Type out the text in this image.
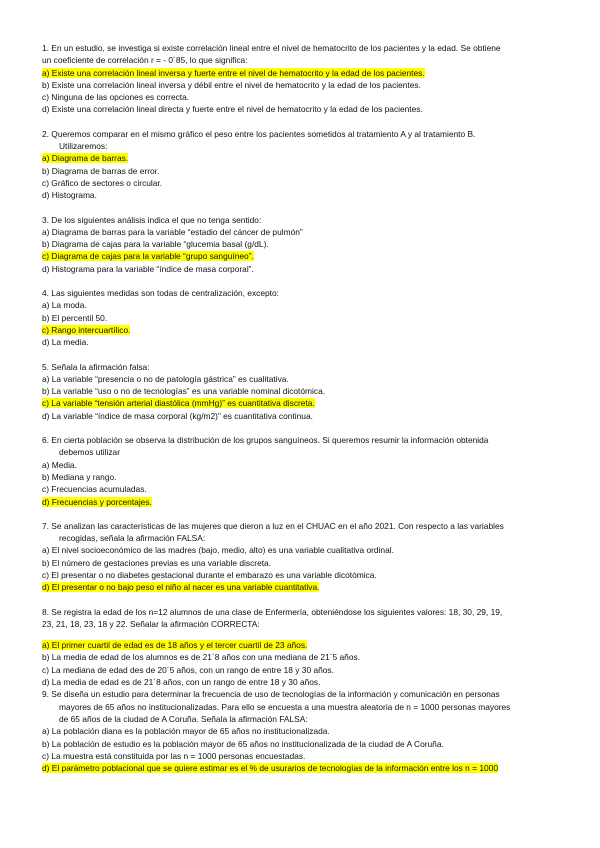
1. En un estudio, se investiga si existe correlación lineal entre el nivel de hematocrito de los pacientes y la edad. Se obtiene
un coeficiente de correlación r = - 0´85, lo que significa:
a) Existe una correlación lineal inversa y fuerte entre el nivel de hematocrito y la edad de los pacientes.
b) Existe una correlación lineal inversa y débil entre el nivel de hematocrito y la edad de los pacientes.
c) Ninguna de las opciones es correcta.
d) Existe una correlación lineal directa y fuerte entre el nivel de hematocrito y la edad de los pacientes.
2. Queremos comparar en el mismo gráfico el peso entre los pacientes sometidos al tratamiento A y al tratamiento B.
Utilizaremos:
a) Diagrama de barras.
b) Diagrama de barras de error.
c) Gráfico de sectores o circular.
d) Histograma.
3. De los siguientes análisis indica el que no tenga sentido:
a) Diagrama de barras para la variable “estadio del cáncer de pulmón”
b) Diagrama de cajas para la variable “glucemia basal (g/dL).
c) Diagrama de cajas para la variable “grupo sanguíneo”.
d) Histograma para la variable “índice de masa corporal”.
4. Las siguientes medidas son todas de centralización, excepto:
a) La moda.
b) El percentil 50.
c) Rango intercuartílico.
d) La media.
5. Señala la afirmación falsa:
a) La variable “presencia o no de patología gástrica” es cualitativa.
b) La variable “uso o no de tecnologías” es una variable nominal dicotómica.
c) La variable “tensión arterial diastólica (mmHg)” es cuantitativa discreta.
d) La variable “índice de masa corporal (kg/m2)” es cuantitativa continua.
6. En cierta población se observa la distribución de los grupos sanguíneos. Si queremos resumir la información obtenida
debemos utilizar
a) Media.
b) Mediana y rango.
c) Frecuencias acumuladas.
d) Frecuencias y porcentajes.
7. Se analizan las características de las mujeres que dieron a luz en el CHUAC en el año 2021. Con respecto a las variables
recogidas, señala la afirmación FALSA:
a) El nivel socioeconómico de las madres (bajo, medio, alto) es una variable cualitativa ordinal.
b) El número de gestaciones previas es una variable discreta.
c) El presentar o no diabetes gestacional durante el embarazo es una variable dicotómica.
d) El presentar o no bajo peso el niño al nacer es una variable cuantitativa.
8. Se registra la edad de los n=12 alumnos de una clase de Enfermería, obteniéndose los siguientes valores: 18, 30, 29, 19,
23, 21, 18, 23, 18 y 22. Señalar la afirmación CORRECTA:
a) El primer cuartil de edad es de 18 años y el tercer cuartil de 23 años.
b) La media de edad de los alumnos es de 21´8 años con una mediana de 21´5 años.
c) La mediana de edad des de 20´5 años, con un rango de entre 18 y 30 años.
d) La media de edad es de 21´8 años, con un rango de entre 18 y 30 años.
9. Se diseña un estudio para determinar la frecuencia de uso de tecnologías de la información y comunicación en personas
mayores de 65 años no institucionalizadas. Para ello se encuesta a una muestra aleatoria de n = 1000 personas mayores
de 65 años de la ciudad de A Coruña. Señala la afirmación FALSA:
a) La población diana es la población mayor de 65 años no institucionalizada.
b) La población de estudio es la población mayor de 65 años no institucionalizada de la ciudad de A Coruña.
c) La muestra está constituida por las n = 1000 personas encuestadas.
d) El parámetro poblacional que se quiere estimar es el % de usurarios de tecnologías de la información entre los n = 1000
